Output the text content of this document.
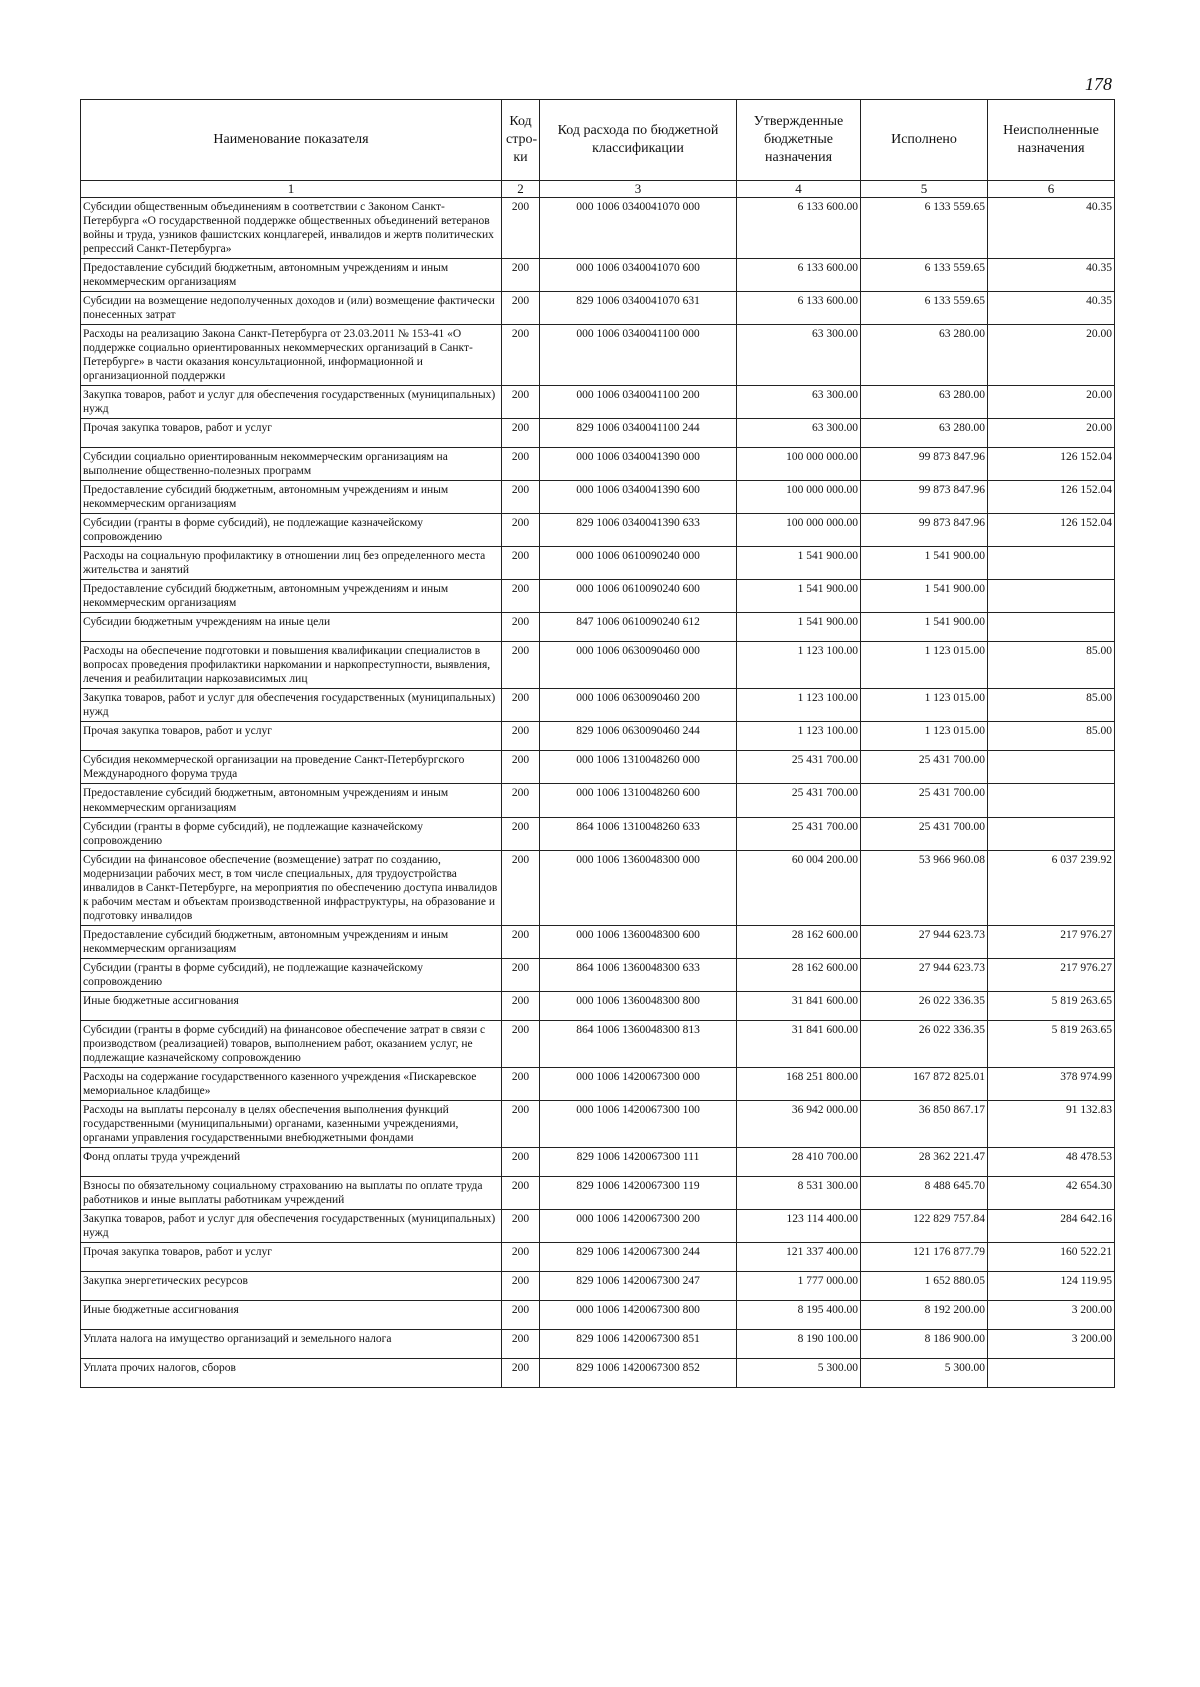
178
Наименование показателя	Код стро- ки	Код расхода по бюджетной классификации	Утвержденные бюджетные назначения	Исполнено	Неисполненные назначения
1	2	3	4	5	6
Субсидии общественным объединениям в соответствии с Законом Санкт-Петербурга «О государственной поддержке общественных объединений ветеранов войны и труда, узников фашистских концлагерей, инвалидов и жертв политических репрессий Санкт-Петербурга»	200	000 1006 0340041070 000	6 133 600.00	6 133 559.65	40.35
Предоставление субсидий бюджетным, автономным учреждениям и иным некоммерческим организациям	200	000 1006 0340041070 600	6 133 600.00	6 133 559.65	40.35
Субсидии на возмещение недополученных доходов и (или) возмещение фактически понесенных затрат	200	829 1006 0340041070 631	6 133 600.00	6 133 559.65	40.35
Расходы на реализацию Закона Санкт-Петербурга от 23.03.2011 № 153-41 «О поддержке социально ориентированных некоммерческих организаций в Санкт-Петербурге» в части оказания консультационной, информационной и организационной поддержки	200	000 1006 0340041100 000	63 300.00	63 280.00	20.00
Закупка товаров, работ и услуг для обеспечения государственных (муниципальных) нужд	200	000 1006 0340041100 200	63 300.00	63 280.00	20.00
Прочая закупка товаров, работ и услуг	200	829 1006 0340041100 244	63 300.00	63 280.00	20.00
Субсидии социально ориентированным некоммерческим организациям на выполнение общественно-полезных программ	200	000 1006 0340041390 000	100 000 000.00	99 873 847.96	126 152.04
Предоставление субсидий бюджетным, автономным учреждениям и иным некоммерческим организациям	200	000 1006 0340041390 600	100 000 000.00	99 873 847.96	126 152.04
Субсидии (гранты в форме субсидий), не подлежащие казначейскому сопровождению	200	829 1006 0340041390 633	100 000 000.00	99 873 847.96	126 152.04
Расходы на социальную профилактику в отношении лиц без определенного места жительства и занятий	200	000 1006 0610090240 000	1 541 900.00	1 541 900.00	
Предоставление субсидий бюджетным, автономным учреждениям и иным некоммерческим организациям	200	000 1006 0610090240 600	1 541 900.00	1 541 900.00	
Субсидии бюджетным учреждениям на иные цели	200	847 1006 0610090240 612	1 541 900.00	1 541 900.00	
Расходы на обеспечение подготовки и повышения квалификации специалистов в вопросах проведения профилактики наркомании и наркопреступности, выявления, лечения и реабилитации наркозависимых лиц	200	000 1006 0630090460 000	1 123 100.00	1 123 015.00	85.00
Закупка товаров, работ и услуг для обеспечения государственных (муниципальных) нужд	200	000 1006 0630090460 200	1 123 100.00	1 123 015.00	85.00
Прочая закупка товаров, работ и услуг	200	829 1006 0630090460 244	1 123 100.00	1 123 015.00	85.00
Субсидия некоммерческой организации на проведение Санкт-Петербургского Международного форума труда	200	000 1006 1310048260 000	25 431 700.00	25 431 700.00	
Предоставление субсидий бюджетным, автономным учреждениям и иным некоммерческим организациям	200	000 1006 1310048260 600	25 431 700.00	25 431 700.00	
Субсидии (гранты в форме субсидий), не подлежащие казначейскому сопровождению	200	864 1006 1310048260 633	25 431 700.00	25 431 700.00	
Субсидии на финансовое обеспечение (возмещение) затрат по созданию, модернизации рабочих мест, в том числе специальных, для трудоустройства инвалидов в Санкт-Петербурге, на мероприятия по обеспечению доступа инвалидов к рабочим местам и объектам производственной инфраструктуры, на образование и подготовку инвалидов	200	000 1006 1360048300 000	60 004 200.00	53 966 960.08	6 037 239.92
Предоставление субсидий бюджетным, автономным учреждениям и иным некоммерческим организациям	200	000 1006 1360048300 600	28 162 600.00	27 944 623.73	217 976.27
Субсидии (гранты в форме субсидий), не подлежащие казначейскому сопровождению	200	864 1006 1360048300 633	28 162 600.00	27 944 623.73	217 976.27
Иные бюджетные ассигнования	200	000 1006 1360048300 800	31 841 600.00	26 022 336.35	5 819 263.65
Субсидии (гранты в форме субсидий) на финансовое обеспечение затрат в связи с производством (реализацией) товаров, выполнением работ, оказанием услуг, не подлежащие казначейскому сопровождению	200	864 1006 1360048300 813	31 841 600.00	26 022 336.35	5 819 263.65
Расходы на содержание государственного казенного учреждения «Пискаревское мемориальное кладбище»	200	000 1006 1420067300 000	168 251 800.00	167 872 825.01	378 974.99
Расходы на выплаты персоналу в целях обеспечения выполнения функций государственными (муниципальными) органами, казенными учреждениями, органами управления государственными внебюджетными фондами	200	000 1006 1420067300 100	36 942 000.00	36 850 867.17	91 132.83
Фонд оплаты труда учреждений	200	829 1006 1420067300 111	28 410 700.00	28 362 221.47	48 478.53
Взносы по обязательному социальному страхованию на выплаты по оплате труда работников и иные выплаты работникам учреждений	200	829 1006 1420067300 119	8 531 300.00	8 488 645.70	42 654.30
Закупка товаров, работ и услуг для обеспечения государственных (муниципальных) нужд	200	000 1006 1420067300 200	123 114 400.00	122 829 757.84	284 642.16
Прочая закупка товаров, работ и услуг	200	829 1006 1420067300 244	121 337 400.00	121 176 877.79	160 522.21
Закупка энергетических ресурсов	200	829 1006 1420067300 247	1 777 000.00	1 652 880.05	124 119.95
Иные бюджетные ассигнования	200	000 1006 1420067300 800	8 195 400.00	8 192 200.00	3 200.00
Уплата налога на имущество организаций и земельного налога	200	829 1006 1420067300 851	8 190 100.00	8 186 900.00	3 200.00
Уплата прочих налогов, сборов	200	829 1006 1420067300 852	5 300.00	5 300.00	
